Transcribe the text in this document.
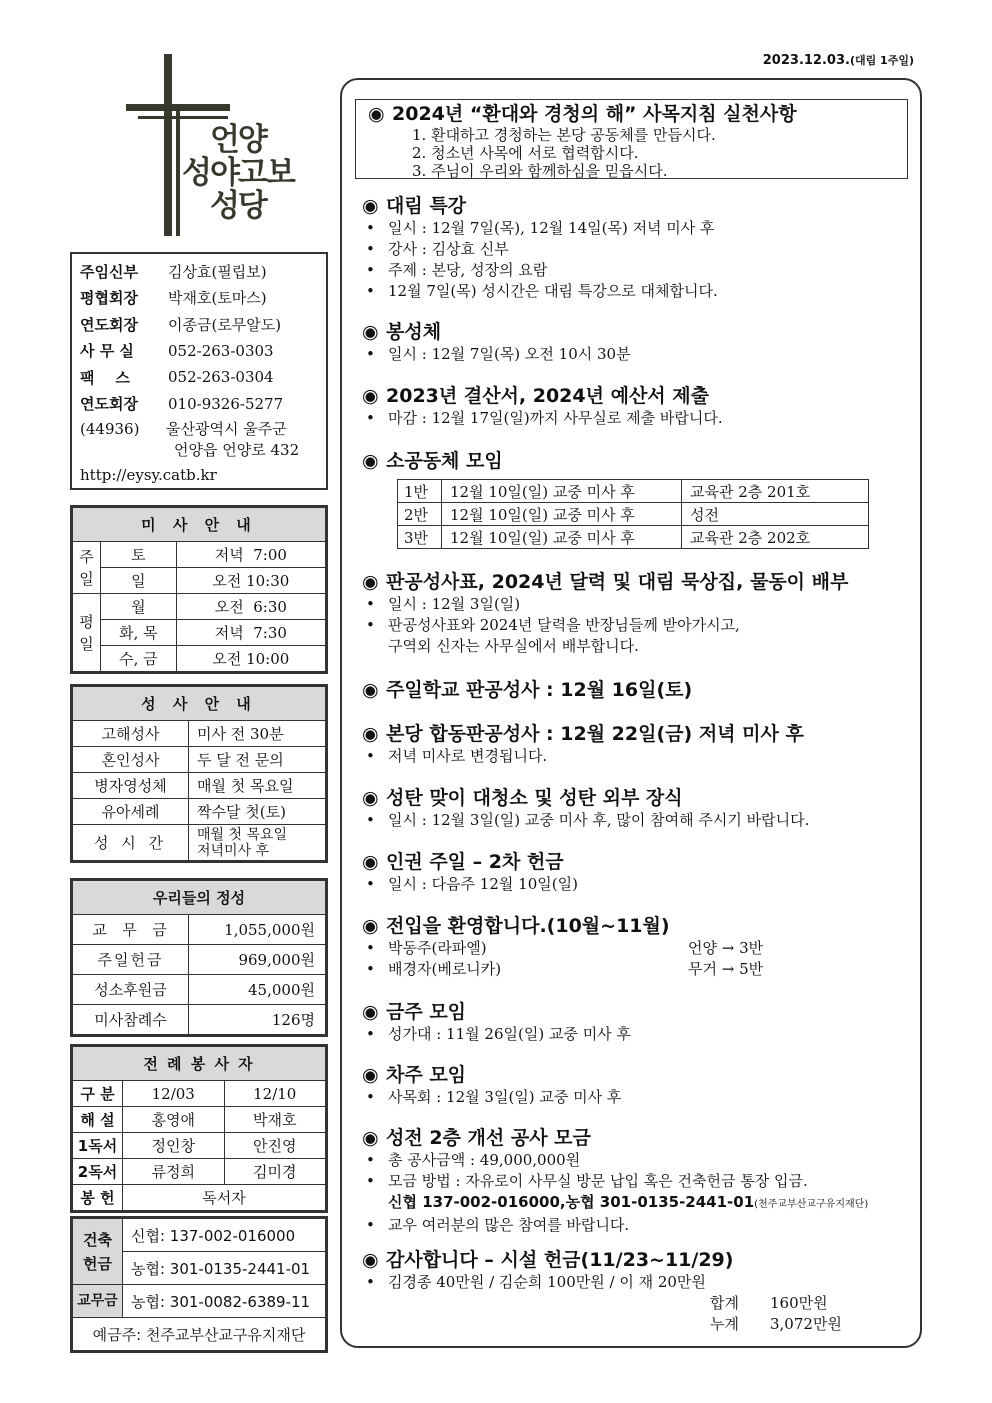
2023.12.03.(대림 1주일)
언양
성야고보
성당
주임신부	김상효(필립보)
평협회장	박재호(토마스)
연도회장	이종금(로무알도)
사 무 실	052-263-0303
팩    스	052-263-0304
연도회장	010-9326-5277
(44936) 울산광역시 울주군
언양읍 언양로 432
http://eysy.catb.kr
미 사 안 내		
주
일	토	저녁  7:00
	일	오전 10:30
평
일	월	오전  6:30
	화, 목	저녁  7:30
	수, 금	오전 10:00
성 사 안 내	
고해성사	미사 전 30분
혼인성사	두 달 전 문의
병자영성체	매월 첫 목요일
유아세례	짝수달 첫(토)
성 시 간	매월 첫 목요일
저녁미사 후
우리들의 정성	
교  무  금	1,055,000원
주일헌금	969,000원
성소후원금	45,000원
미사참례수	126명
전 례 봉 사 자		
구 분	12/03	12/10
해 설	홍영애	박재호
1독서	정인창	안진영
2독서	류정희	김미경
봉 헌	독서자	
건축
헌금	신협: 137-002-016000
	농협: 301-0135-2441-01
교무금	농협: 301-0082-6389-11
예금주: 천주교부산교구유지재단	
◉ 2024년 “환대와 경청의 해” 사목지침 실천사항
1. 환대하고 경청하는 본당 공동체를 만듭시다.
2. 청소년 사목에 서로 협력합시다.
3. 주님이 우리와 함께하심을 믿읍시다.
◉ 대림 특강
• 일시 : 12월 7일(목), 12월 14일(목) 저녁 미사 후
• 강사 : 김상효 신부
• 주제 : 본당, 성장의 요람
• 12월 7일(목) 성시간은 대림 특강으로 대체합니다.
◉ 봉성체
• 일시 : 12월 7일(목) 오전 10시 30분
◉ 2023년 결산서, 2024년 예산서 제출
• 마감 : 12월 17일(일)까지 사무실로 제출 바랍니다.
◉ 소공동체 모임
1반	12월 10일(일) 교중 미사 후	교육관 2층 201호
2반	12월 10일(일) 교중 미사 후	성전
3반	12월 10일(일) 교중 미사 후	교육관 2층 202호
◉ 판공성사표, 2024년 달력 및 대림 묵상집, 물동이 배부
• 일시 : 12월 3일(일)
• 판공성사표와 2024년 달력을 반장님들께 받아가시고,
구역외 신자는 사무실에서 배부합니다.
◉ 주일학교 판공성사 : 12월 16일(토)
◉ 본당 합동판공성사 : 12월 22일(금) 저녁 미사 후
• 저녁 미사로 변경됩니다.
◉ 성탄 맞이 대청소 및 성탄 외부 장식
• 일시 : 12월 3일(일) 교중 미사 후, 많이 참여해 주시기 바랍니다.
◉ 인권 주일 – 2차 헌금
• 일시 : 다음주 12월 10일(일)
◉ 전입을 환영합니다.(10월~11월)
• 박동주(라파엘)	언양 → 3반
• 배경자(베로니카)	무거 → 5반
◉ 금주 모임
• 성가대 : 11월 26일(일) 교중 미사 후
◉ 차주 모임
• 사목회 : 12월 3일(일) 교중 미사 후
◉ 성전 2층 개선 공사 모금
• 총 공사금액 : 49,000,000원
• 모금 방법 : 자유로이 사무실 방문 납입 혹은 건축헌금 통장 입금.
신협 137-002-016000,농협 301-0135-2441-01(천주교부산교구유지재단)
• 교우 여러분의 많은 참여를 바랍니다.
◉ 감사합니다 – 시설 헌금(11/23~11/29)
• 김경종 40만원 / 김순희 100만원 / 이 재 20만원
합계 160만원
누계 3,072만원
